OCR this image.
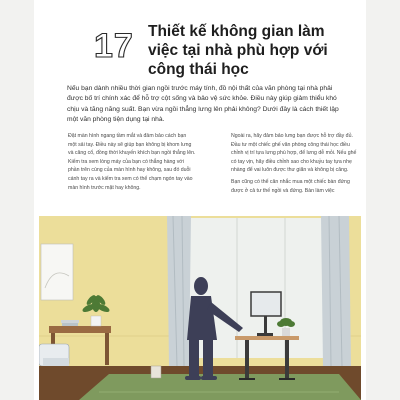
17 Thiết kế không gian làm
việc tại nhà phù hợp với
công thái học

Nếu bạn dành nhiều thời gian ngồi trước máy tính, đồ nội thất của văn phòng tại nhà phải được bố trí chính xác để hỗ trợ cột sống và bảo vệ sức khỏe. Điều này giúp giảm thiểu khó chịu và tăng năng suất. Bạn vừa ngồi thẳng lưng lên phải không? Dưới đây là cách thiết lập một văn phòng tiện dụng tại nhà.

Đặt màn hình ngang tầm mắt và đảm bảo cách bạn một sải tay. Điều này sẽ giúp bạn không bị khom lưng và căng cổ, đồng thời khuyến khích bạn ngồi thẳng lên. Kiểm tra xem lòng máy của bạn có thẳng hàng với phần trên cùng của màn hình hay không, sau đó duỗi cánh tay ra và kiểm tra xem có thể chạm ngón tay vào màn hình trước mặt hay không.

Ngoài ra, hãy đảm bảo lưng bạn được hỗ trợ đầy đủ. Đầu tư một chiếc ghế văn phòng công thái học điều chỉnh vị trí tựa lưng phù hợp, để lưng dễ mỏi. Nếu ghế có tay vịn, hãy điều chỉnh sao cho khuỷu tay tựa nhẹ nhàng để vai luôn được thư giãn và không bị căng.

Bạn cũng có thể cân nhắc mua một chiếc bàn đứng được ở cả tư thế ngồi và đứng. Bàn làm việc
